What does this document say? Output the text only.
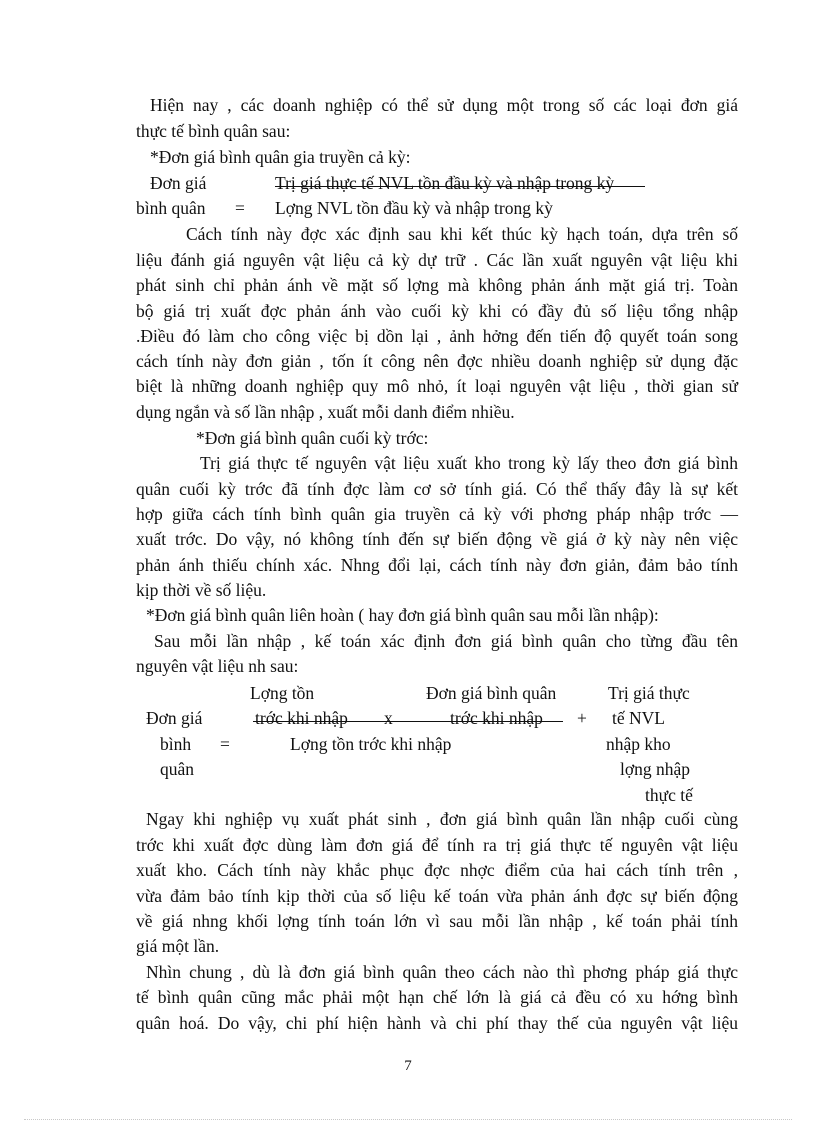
Hiện nay , các doanh nghiệp có thể sử dụng một trong số các loại đơn giá
thực tế bình quân sau:
*Đơn giá bình quân gia truyền cả kỳ:
Đơn giá	Trị giá thực tế NVL tồn đầu kỳ và nhập trong kỳ
bình quân = Lợng NVL tồn đầu kỳ và nhập trong kỳ
Cách tính này đợc xác định sau khi kết thúc kỳ hạch toán, dựa trên số
liệu đánh giá nguyên vật liệu cả kỳ dự trữ . Các lần xuất nguyên vật liệu khi
phát sinh chỉ phản ánh về mặt số lợng mà không phản ánh mặt giá trị. Toàn
bộ giá trị xuất đợc phản ánh vào cuối kỳ khi có đầy đủ số liệu tổng nhập
.Điều đó làm cho công việc bị dồn lại , ảnh hởng đến tiến độ quyết toán song
cách tính này đơn giản , tốn ít công nên đợc nhiều doanh nghiệp sử dụng đặc
biệt là những doanh nghiệp quy mô nhỏ, ít loại nguyên vật liệu , thời gian sử
dụng ngắn và số lần nhập , xuất mỗi danh điểm nhiều.
*Đơn giá bình quân cuối kỳ trớc:
Trị giá thực tế nguyên vật liệu xuất kho trong kỳ lấy theo đơn giá bình
quân cuối kỳ trớc đã tính đợc làm cơ sở tính giá. Có thể thấy đây là sự kết
hợp giữa cách tính bình quân gia truyền cả kỳ với phơng pháp nhập trớc —
xuất trớc. Do vậy, nó không tính đến sự biến động về giá ở kỳ này nên việc
phản ánh thiếu chính xác. Nhng đổi lại, cách tính này đơn giản, đảm bảo tính
kịp thời về số liệu.
*Đơn giá bình quân liên hoàn ( hay đơn giá bình quân sau mỗi lần nhập):
Sau mỗi lần nhập , kế toán xác định đơn giá bình quân cho từng đầu tên
nguyên vật liệu nh sau:
Lợng tồn	Đơn giá bình quân	Trị giá thực
Đơn giá	trớc khi nhập x	trớc khi nhập + tế NVL
bình =	Lợng tồn trớc khi nhập	nhập kho
quân	lợng nhập
thực tế
Ngay khi nghiệp vụ xuất phát sinh , đơn giá bình quân lần nhập cuối cùng
trớc khi xuất đợc dùng làm đơn giá để tính ra trị giá thực tế nguyên vật liệu
xuất kho. Cách tính này khắc phục đợc nhợc điểm của hai cách tính trên ,
vừa đảm bảo tính kịp thời của số liệu kế toán vừa phản ánh đợc sự biến động
về giá nhng khối lợng tính toán lớn vì sau mỗi lần nhập , kế toán phải tính
giá một lần.
Nhìn chung , dù là đơn giá bình quân theo cách nào thì phơng pháp giá thực
tế bình quân cũng mắc phải một hạn chế lớn là giá cả đều có xu hớng bình
quân hoá. Do vậy, chi phí hiện hành và chi phí thay thế của nguyên vật liệu
7
